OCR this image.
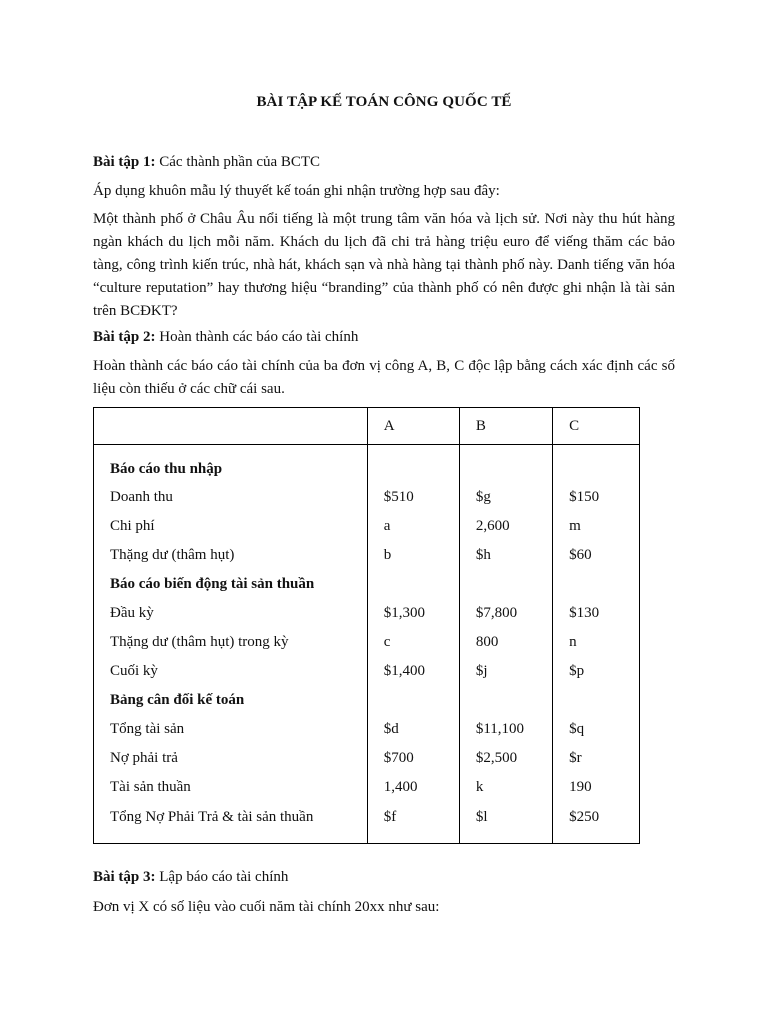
BÀI TẬP KẾ TOÁN CÔNG QUỐC TẾ
Bài tập 1: Các thành phần của BCTC
Áp dụng khuôn mẫu lý thuyết kế toán ghi nhận trường hợp sau đây:
Một thành phố ở Châu Âu nổi tiếng là một trung tâm văn hóa và lịch sử. Nơi này thu hút hàng ngàn khách du lịch mỗi năm. Khách du lịch đã chi trả hàng triệu euro để viếng thăm các bảo tàng, công trình kiến trúc, nhà hát, khách sạn và nhà hàng tại thành phố này. Danh tiếng văn hóa “culture reputation” hay thương hiệu “branding” của thành phố có nên được ghi nhận là tài sản trên BCĐKT?
Bài tập 2: Hoàn thành các báo cáo tài chính
Hoàn thành các báo cáo tài chính của ba đơn vị công A, B, C độc lập bằng cách xác định các số liệu còn thiếu ở các chữ cái sau.
	A	B	C
Báo cáo thu nhập			
Doanh thu	$510	$g	$150
Chi phí	a	2,600	m
Thặng dư (thâm hụt)	b	$h	$60
Báo cáo biến động tài sản thuần			
Đầu kỳ	$1,300	$7,800	$130
Thặng dư (thâm hụt) trong kỳ	c	800	n
Cuối kỳ	$1,400	$j	$p
Bảng cân đối kế toán			
Tổng tài sản	$d	$11,100	$q
Nợ phải trả	$700	$2,500	$r
Tài sản thuần	1,400	k	190
Tổng Nợ Phải Trả & tài sản thuần	$f	$l	$250
Bài tập 3: Lập báo cáo tài chính
Đơn vị X có số liệu vào cuối năm tài chính 20xx như sau:
